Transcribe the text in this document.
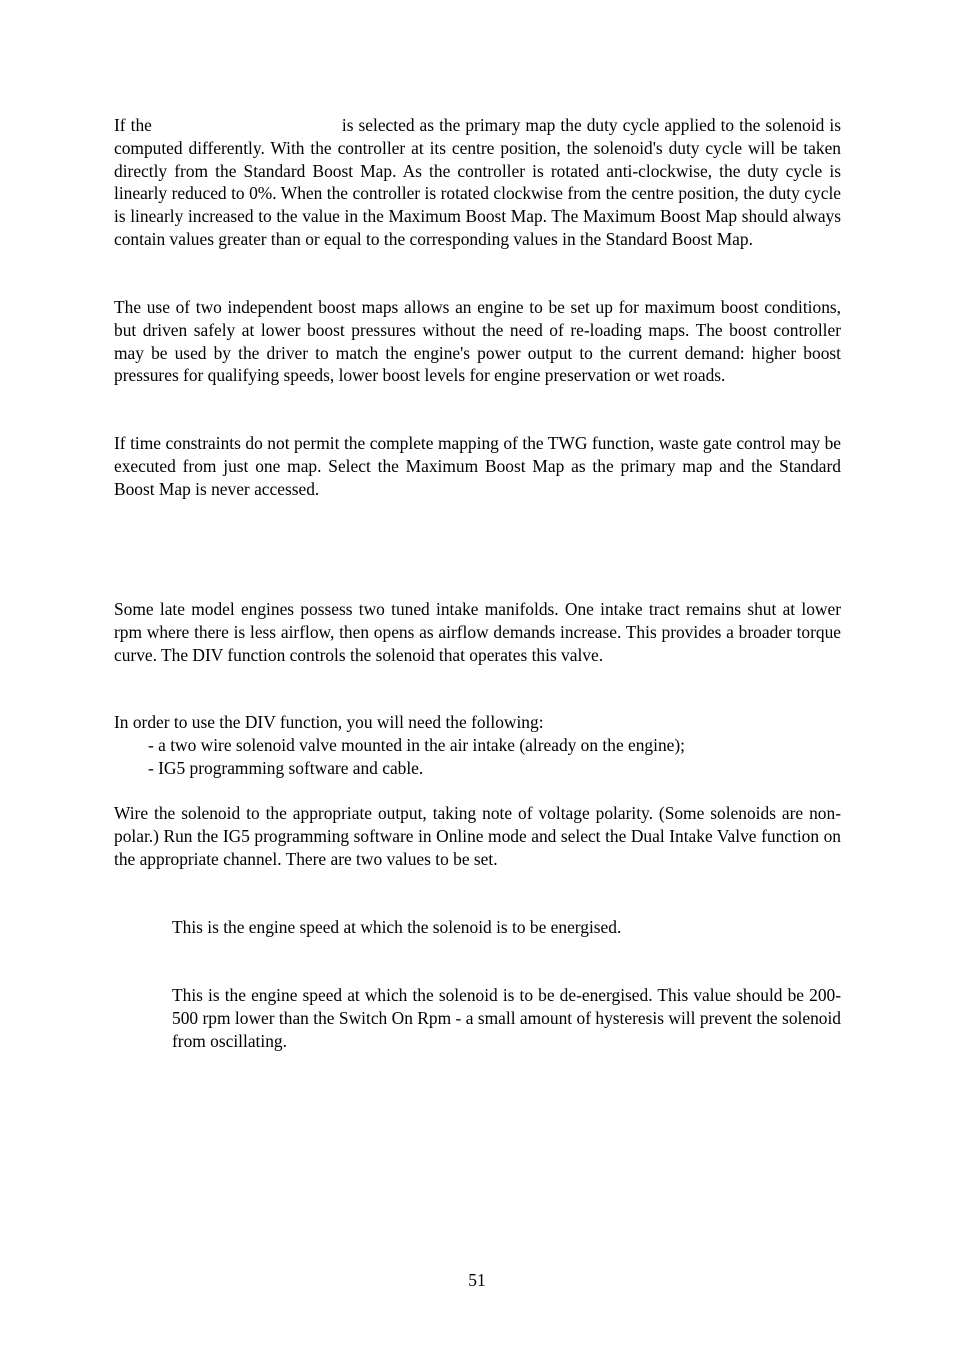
If the	is selected as the primary map the duty cycle applied to the solenoid is computed differently. With the controller at its centre position, the solenoid's duty cycle will be taken directly from the Standard Boost Map. As the controller is rotated anti-clockwise, the duty cycle is linearly reduced to 0%. When the controller is rotated clockwise from the centre position, the duty cycle is linearly increased to the value in the Maximum Boost Map. The Maximum Boost Map should always contain values greater than or equal to the corresponding values in the Standard Boost Map.

The use of two independent boost maps allows an engine to be set up for maximum boost conditions, but driven safely at lower boost pressures without the need of re-loading maps. The boost controller may be used by the driver to match the engine's power output to the current demand: higher boost pressures for qualifying speeds, lower boost levels for engine preservation or wet roads.

If time constraints do not permit the complete mapping of the TWG function, waste gate control may be executed from just one map. Select the Maximum Boost Map as the primary map and the Standard Boost Map is never accessed.

Some late model engines possess two tuned intake manifolds. One intake tract remains shut at lower rpm where there is less airflow, then opens as airflow demands increase. This provides a broader torque curve. The DIV function controls the solenoid that operates this valve.

In order to use the DIV function, you will need the following:

- a two wire solenoid valve mounted in the air intake (already on the engine);

- IG5 programming software and cable.

Wire the solenoid to the appropriate output, taking note of voltage polarity. (Some solenoids are non-polar.) Run the IG5 programming software in Online mode and select the Dual Intake Valve function on the appropriate channel. There are two values to be set.

This is the engine speed at which the solenoid is to be energised.

This is the engine speed at which the solenoid is to be de-energised. This value should be 200-500 rpm lower than the Switch On Rpm - a small amount of hysteresis will prevent the solenoid from oscillating.

51
